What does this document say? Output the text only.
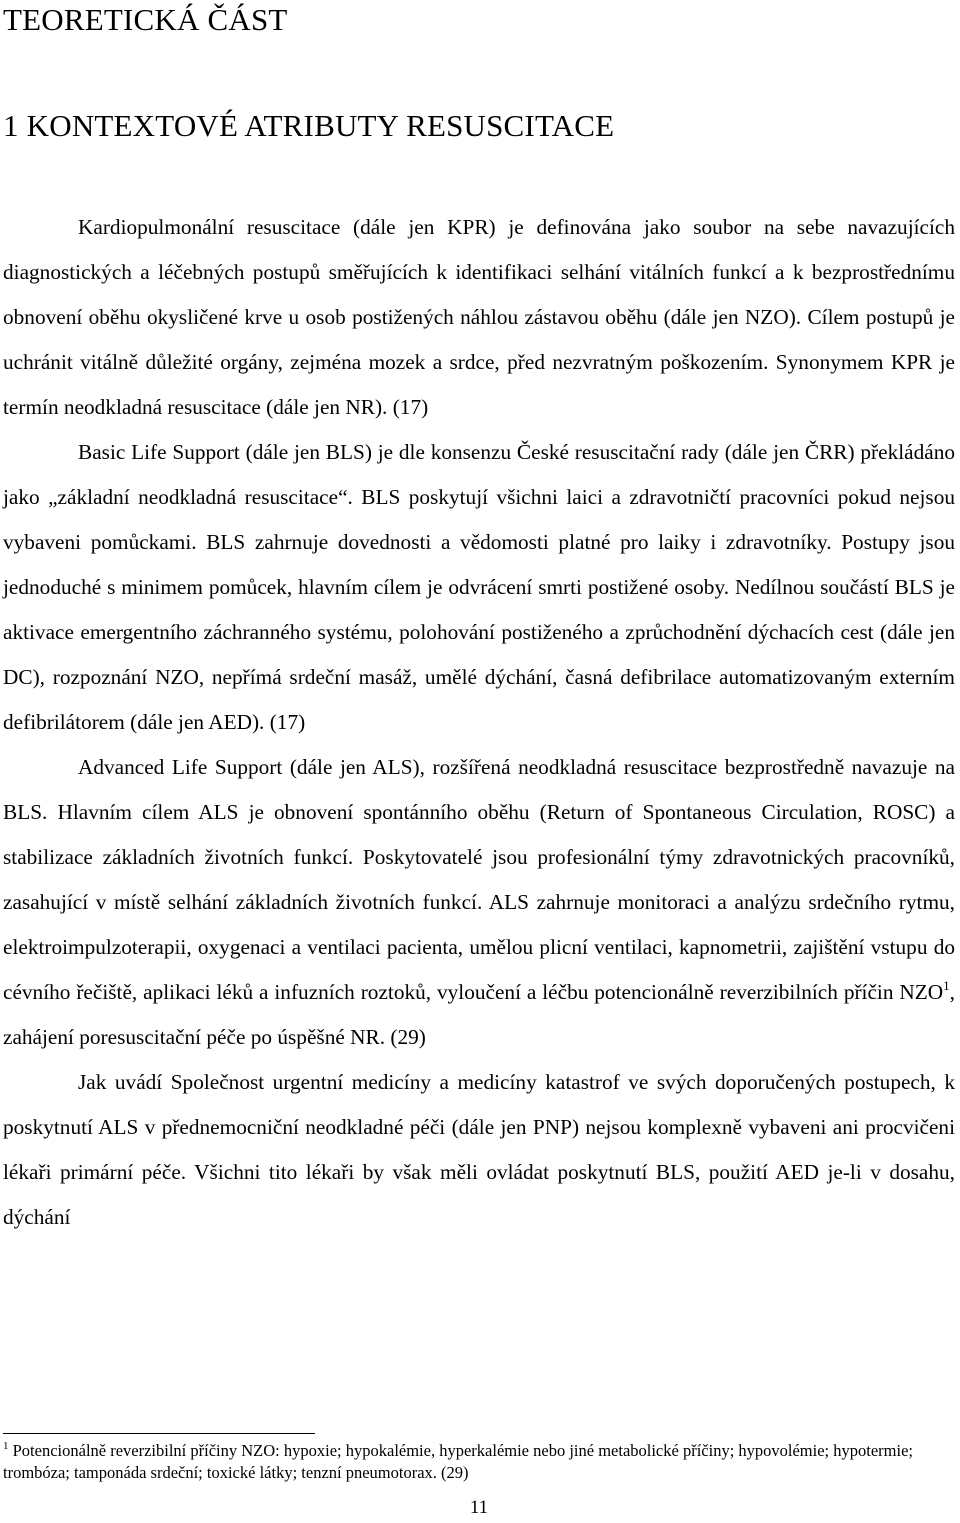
TEORETICKÁ ČÁST
1 KONTEXTOVÉ ATRIBUTY RESUSCITACE

Kardiopulmonální resuscitace (dále jen KPR) je definována jako soubor na sebe navazujících diagnostických a léčebných postupů směřujících k identifikaci selhání vitálních funkcí a k bezprostřednímu obnovení oběhu okysličené krve u osob postižených náhlou zástavou oběhu (dále jen NZO). Cílem postupů je uchránit vitálně důležité orgány, zejména mozek a srdce, před nezvratným poškozením. Synonymem KPR je termín neodkladná resuscitace (dále jen NR). (17)

Basic Life Support (dále jen BLS) je dle konsenzu České resuscitační rady (dále jen ČRR) překládáno jako „základní neodkladná resuscitace“. BLS poskytují všichni laici a zdravotničtí pracovníci pokud nejsou vybaveni pomůckami. BLS zahrnuje dovednosti a vědomosti platné pro laiky i zdravotníky. Postupy jsou jednoduché s minimem pomůcek, hlavním cílem je odvrácení smrti postižené osoby. Nedílnou součástí BLS je aktivace emergentního záchranného systému, polohování postiženého a zprůchodnění dýchacích cest (dále jen DC), rozpoznání NZO, nepřímá srdeční masáž, umělé dýchání, časná defibrilace automatizovaným externím defibrilátorem (dále jen AED). (17)

Advanced Life Support (dále jen ALS), rozšířená neodkladná resuscitace bezprostředně navazuje na BLS. Hlavním cílem ALS je obnovení spontánního oběhu (Return of Spontaneous Circulation, ROSC) a stabilizace základních životních funkcí. Poskytovatelé jsou profesionální týmy zdravotnických pracovníků, zasahující v místě selhání základních životních funkcí. ALS zahrnuje monitoraci a analýzu srdečního rytmu, elektroimpulzoterapii, oxygenaci a ventilaci pacienta, umělou plicní ventilaci, kapnometrii, zajištění vstupu do cévního řečiště, aplikaci léků a infuzních roztoků, vyloučení a léčbu potencionálně reverzibilních příčin NZO$^1$, zahájení poresuscitační péče po úspěšné NR. (29)

Jak uvádí Společnost urgentní medicíny a medicíny katastrof ve svých doporučených postupech, k poskytnutí ALS v přednemocniční neodkladné péči (dále jen PNP) nejsou komplexně vybaveni ani procvičeni lékaři primární péče. Všichni tito lékaři by však měli ovládat poskytnutí BLS, použití AED je-li v dosahu, dýchání

$^1$ Potencionálně reverzibilní příčiny NZO: hypoxie; hypokalémie, hyperkalémie nebo jiné metabolické příčiny; hypovolémie; hypotermie; trombóza; tamponáda srdeční; toxické látky; tenzní pneumotorax. (29)
11
